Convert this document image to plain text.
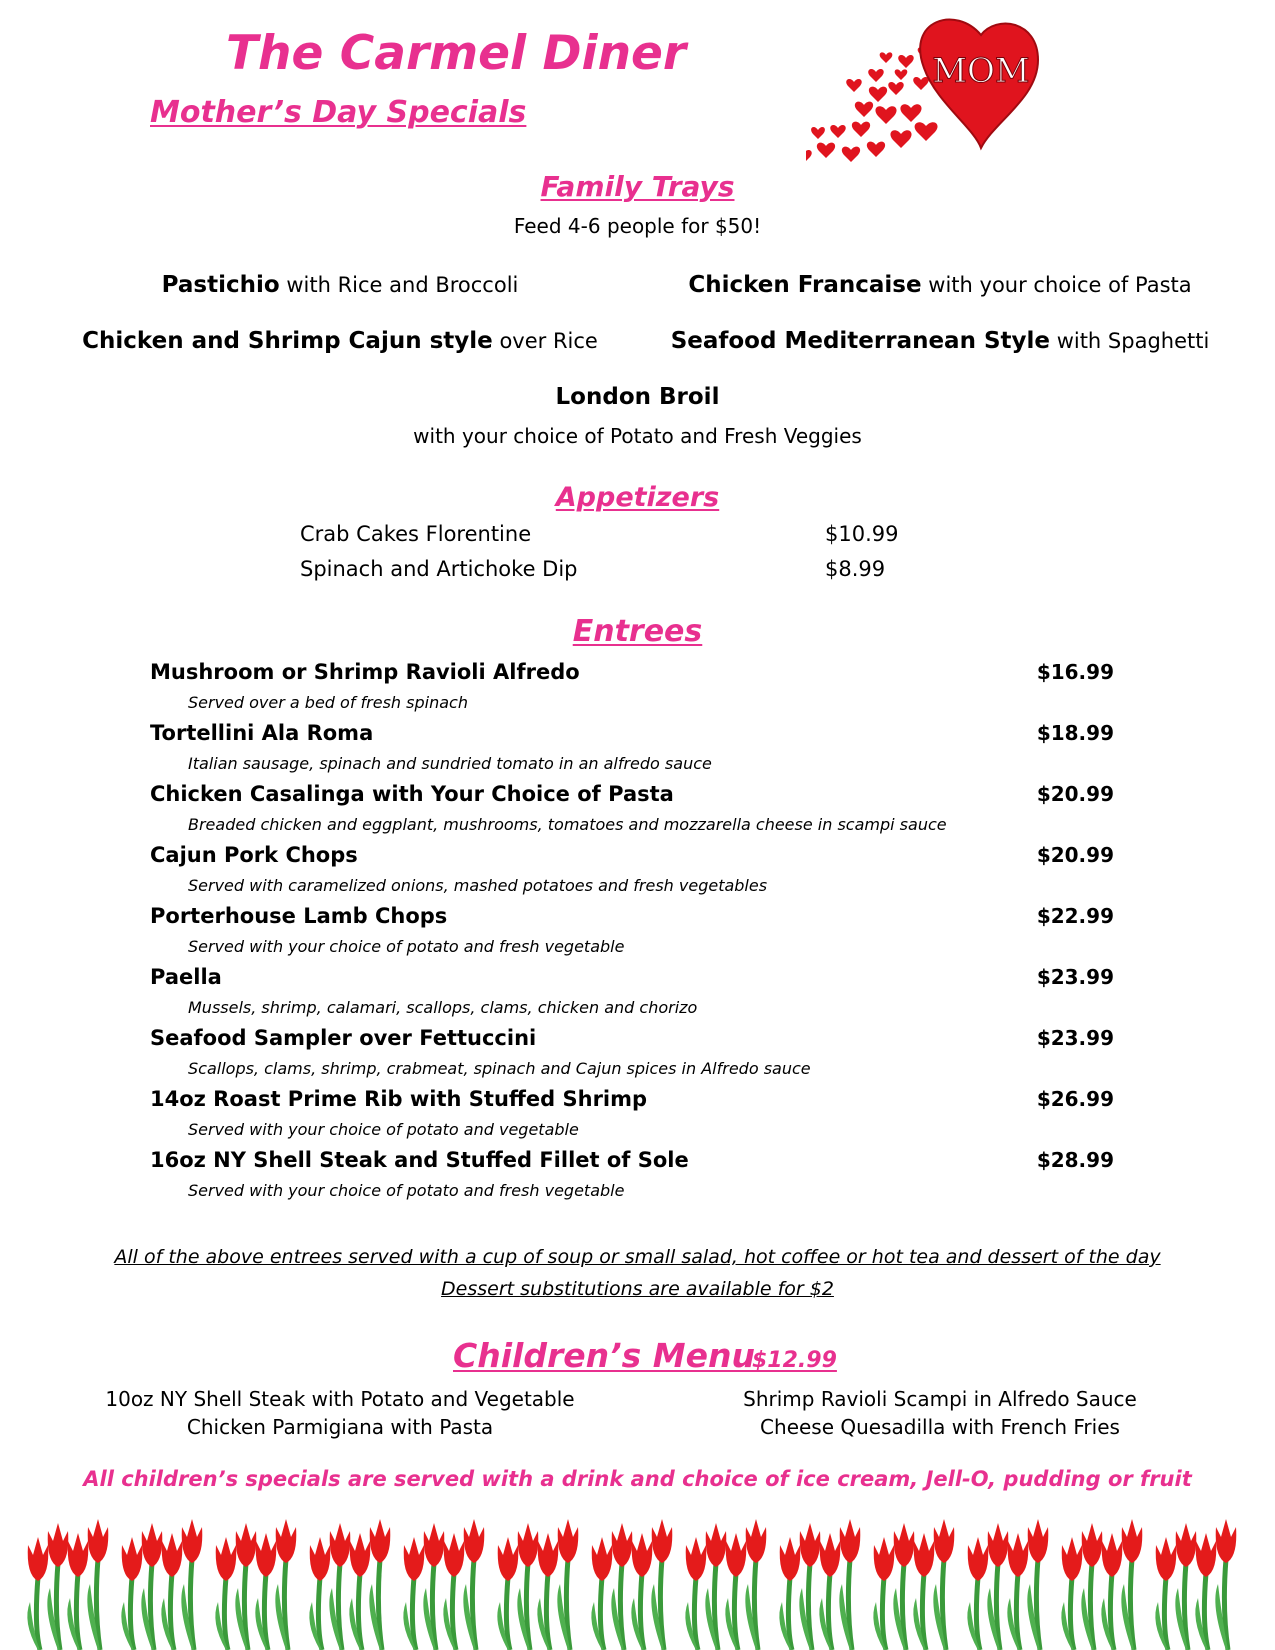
The Carmel Diner
Mother’s Day Specials
MOM
Family Trays
Feed 4-6 people for $50!
Pastichio with Rice and Broccoli	Chicken Francaise with your choice of Pasta
Chicken and Shrimp Cajun style over Rice	Seafood Mediterranean Style with Spaghetti
London Broil
with your choice of Potato and Fresh Veggies
Appetizers
Crab Cakes Florentine	$10.99
Spinach and Artichoke Dip	$8.99
Entrees
Mushroom or Shrimp Ravioli Alfredo	$16.99
Served over a bed of fresh spinach
Tortellini Ala Roma	$18.99
Italian sausage, spinach and sundried tomato in an alfredo sauce
Chicken Casalinga with Your Choice of Pasta	$20.99
Breaded chicken and eggplant, mushrooms, tomatoes and mozzarella cheese in scampi sauce
Cajun Pork Chops	$20.99
Served with caramelized onions, mashed potatoes and fresh vegetables
Porterhouse Lamb Chops	$22.99
Served with your choice of potato and fresh vegetable
Paella	$23.99
Mussels, shrimp, calamari, scallops, clams, chicken and chorizo
Seafood Sampler over Fettuccini	$23.99
Scallops, clams, shrimp, crabmeat, spinach and Cajun spices in Alfredo sauce
14oz Roast Prime Rib with Stuffed Shrimp	$26.99
Served with your choice of potato and vegetable
16oz NY Shell Steak and Stuffed Fillet of Sole	$28.99
Served with your choice of potato and fresh vegetable
All of the above entrees served with a cup of soup or small salad, hot coffee or hot tea and dessert of the day
Dessert substitutions are available for $2
Children’s Menu
$12.99
10oz NY Shell Steak with Potato and Vegetable
Chicken Parmigiana with Pasta
Shrimp Ravioli Scampi in Alfredo Sauce
Cheese Quesadilla with French Fries
All children’s specials are served with a drink and choice of ice cream, Jell-O, pudding or fruit
